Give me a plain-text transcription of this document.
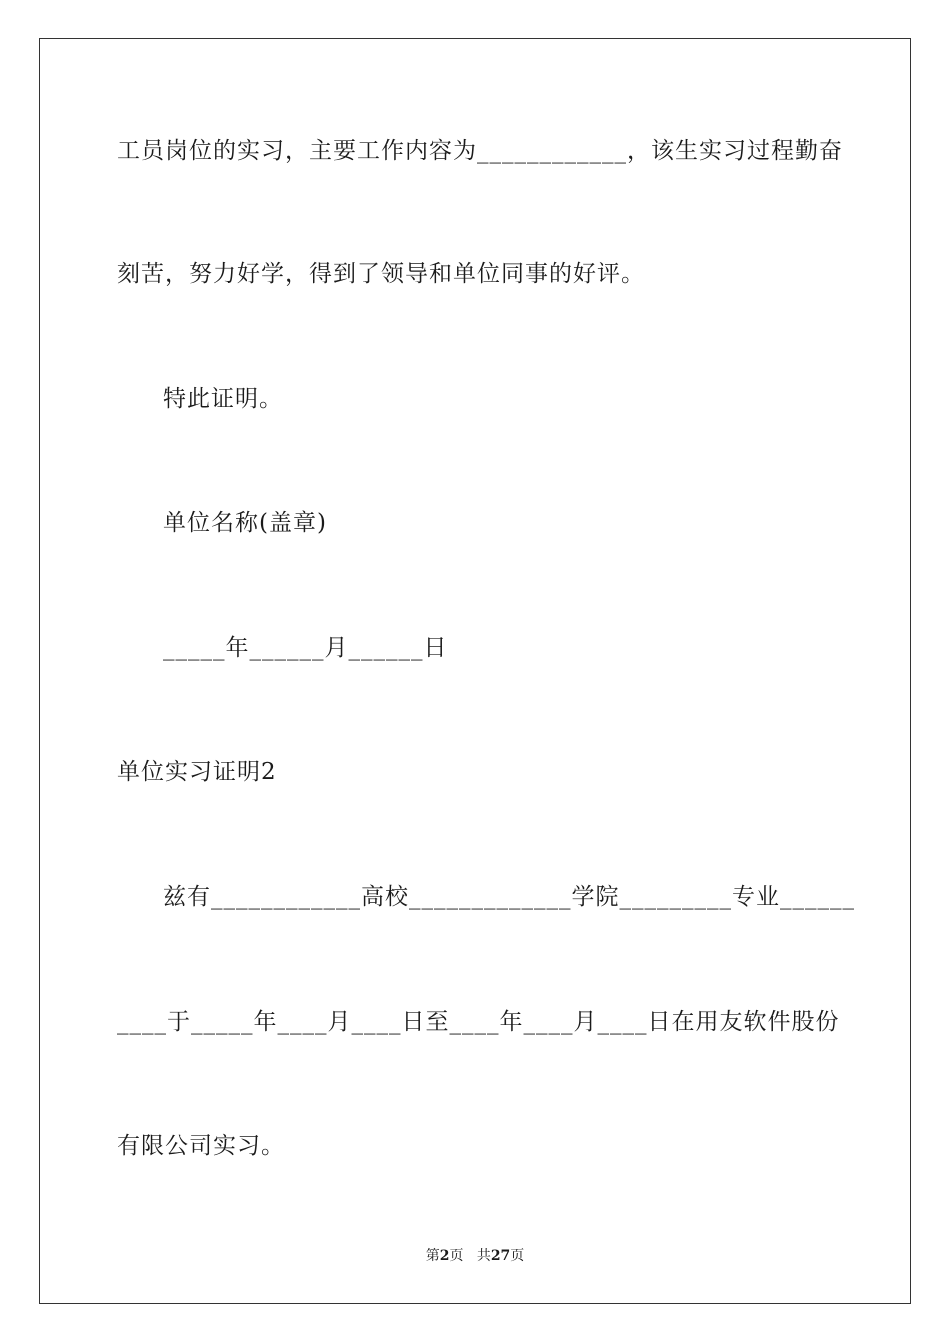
工员岗位的实习，主要工作内容为____________，该生实习过程勤奋
刻苦，努力好学，得到了领导和单位同事的好评。
特此证明。
单位名称(盖章)
_____年______月______日
单位实习证明2
兹有____________高校_____________学院_________专业______
____于_____年____月____日至____年____月____日在用友软件股份
有限公司实习。
第2页 共27页
